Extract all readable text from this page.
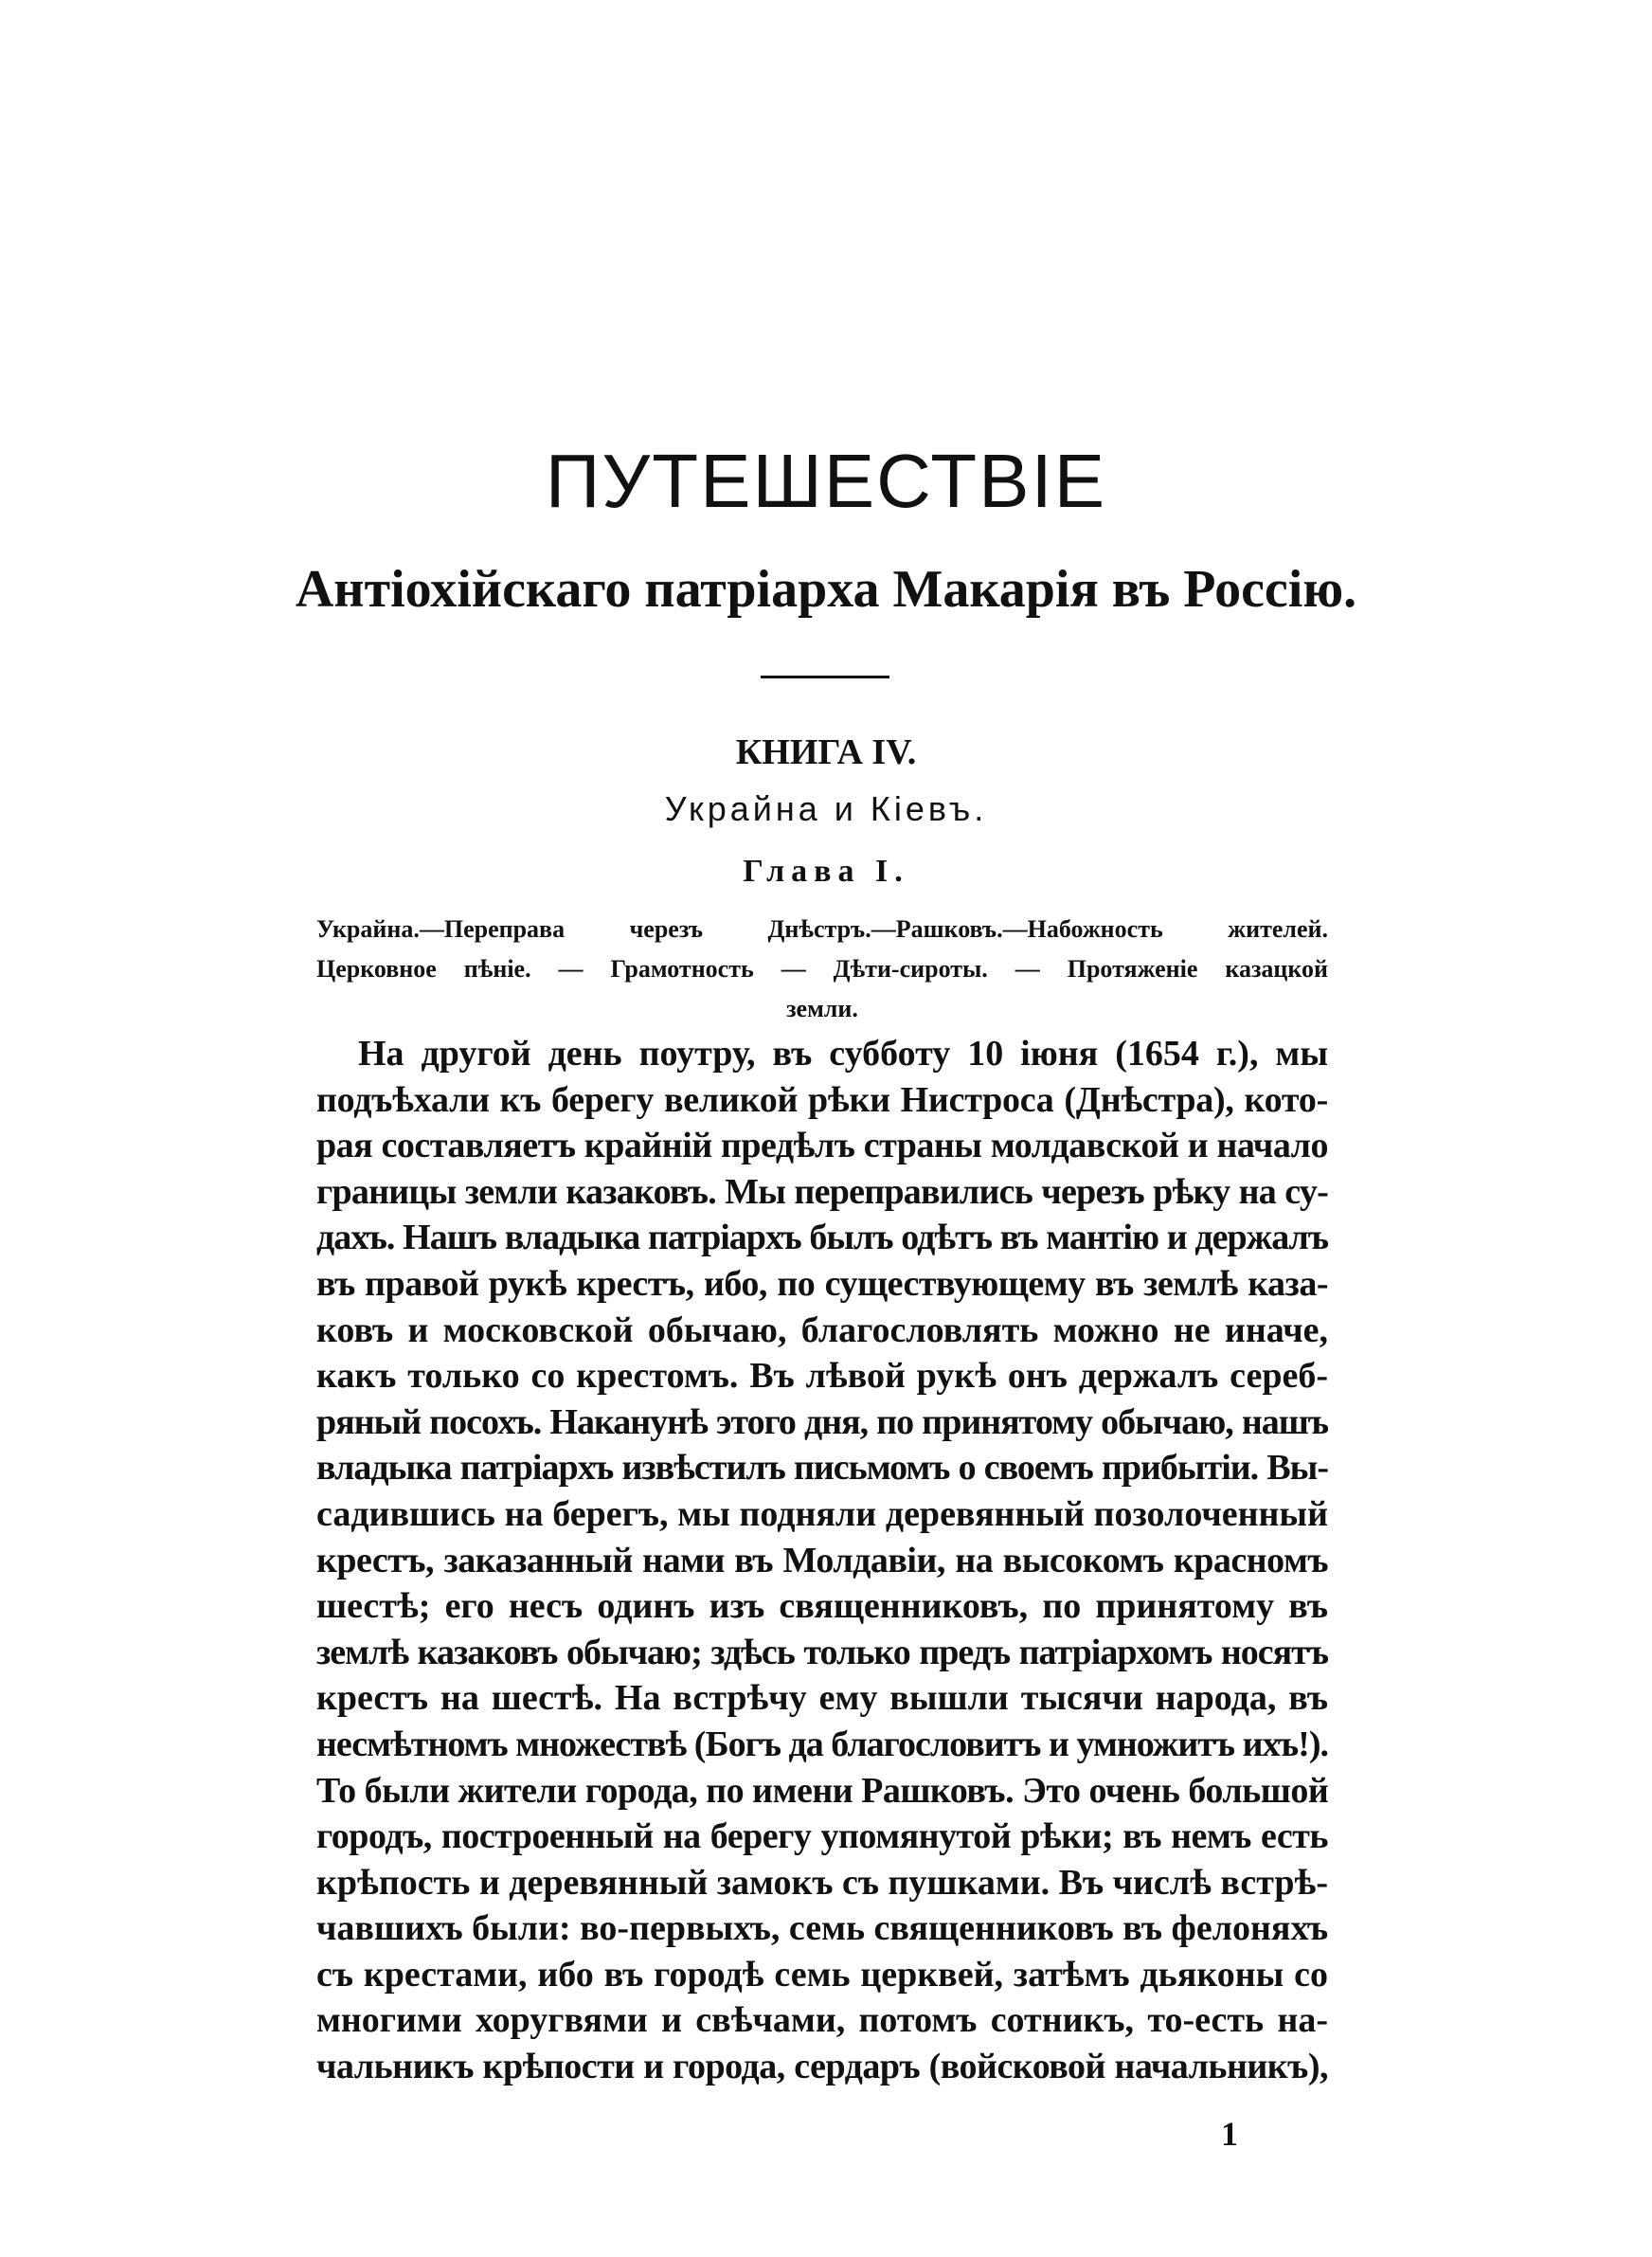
ПУТЕШЕСТВІЕ
Антіохійскаго патріарха Макарія въ Россію.
КНИГА IV.
Украйна и Кіевъ.
Глава I.
Украйна.—Переправа черезъ Днѣстръ.—Рашковъ.—Набожность жителей.
Церковное пѣніе. — Грамотность — Дѣти-сироты. — Протяженіе казацкой
земли.
На другой день поутру, въ субботу 10 іюня (1654 г.), мы
подъѣхали къ берегу великой рѣки Нистроса (Днѣстра), кото-
рая составляетъ крайній предѣлъ страны молдавской и начало
границы земли казаковъ. Мы переправились черезъ рѣку на су-
дахъ. Нашъ владыка патріархъ былъ одѣтъ въ мантію и держалъ
въ правой рукѣ крестъ, ибо, по существующему въ землѣ каза-
ковъ и московской обычаю, благословлять можно не иначе,
какъ только со крестомъ. Въ лѣвой рукѣ онъ держалъ сереб-
ряный посохъ. Наканунѣ этого дня, по принятому обычаю, нашъ
владыка патріархъ извѣстилъ письмомъ о своемъ прибытіи. Вы-
садившись на берегъ, мы подняли деревянный позолоченный
крестъ, заказанный нами въ Молдавіи, на высокомъ красномъ
шестѣ; его несъ одинъ изъ священниковъ, по принятому въ
землѣ казаковъ обычаю; здѣсь только предъ патріархомъ носятъ
крестъ на шестѣ. На встрѣчу ему вышли тысячи народа, въ
несмѣтномъ множествѣ (Богъ да благословитъ и умножитъ ихъ!).
То были жители города, по имени Рашковъ. Это очень большой
городъ, построенный на берегу упомянутой рѣки; въ немъ есть
крѣпость и деревянный замокъ съ пушками. Въ числѣ встрѣ-
чавшихъ были: во-первыхъ, семь священниковъ въ фелоняхъ
съ крестами, ибо въ городѣ семь церквей, затѣмъ дьяконы со
многими хоругвями и свѣчами, потомъ сотникъ, то-есть на-
чальникъ крѣпости и города, сердаръ (войсковой начальникъ),
1
